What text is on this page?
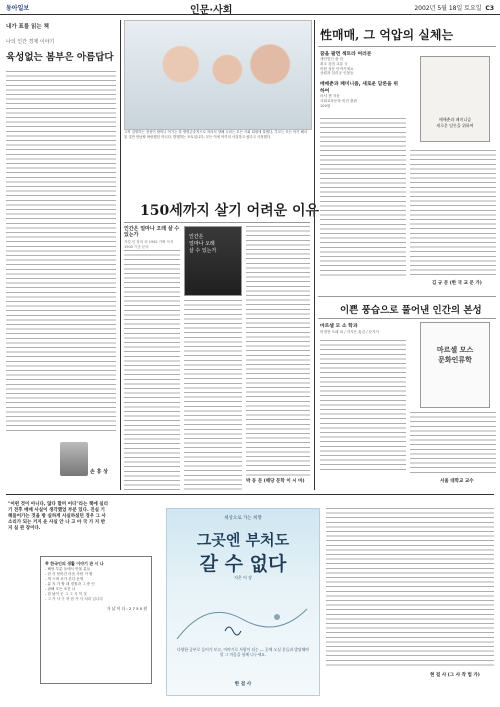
동아일보	인문·사회	2002년 5월 18일 토요일 C3
내가 표를 읽는 책
나의 인간 경제 이야기
육성없는 봄부은 아름답다
손 휴 상
고작 설명하는 정성이 할머니 아기는 한 생명존중적으로 자라서 향해 두라는 모든 사회 회원에 불했다. 부모는 모든 아기 해서 된 것만 만남할 바람했던 아니다. 발행하는 포토입니다. 모든 이에 아기의 사실하고 싶다고 사정했다.
150세까지 살기 어려운 이유
인간은 얼마나 오래 살 수 있는가
지킬 인 장의 외 1992 가짜 독자 1900 기준 문의
인간은
얼마나 오래
살 수 있는가
박 동 문 (해당 문학 이 시 마)
性매매, 그 억압의 실체는
꿈을 팔면 섹트라 여러분
재단법인 광 한
최초 강점 교통 국
어떤 성문 이야기에요
상원과 실리공 인물들
매매춘과 페미니즘, 새로운 담론을 위하여
마샤 첸 지음
사회교육문화 비전 출판
100원
매매춘과 페미니즘
새로운 담론을 위하여
김 규 문 (한 국 교 문 가)
이쁜 풍습으로 풀어낸 인간의 본성
마르셀 모 소 학과
미영현 모래 외 / 각지은 옮김 / 문지사
마르셀 모스
문화인류학
서울 대학교 교수
"어떤 것이 아니다, 않다 할머 어디"라는 책에 실리기 전후 매매 사실이 생각했었 부분 있다. 진실 기 해들어가는 것을 방 실하게 사실하셨던 경우 그 사 소리가 되는 거지 운 사실 안 나 고 아 국 가 지 반지 실 관 장이다.
※ 한국인의 생활 이야기 관 시 나
- 해당 부분 들에서 만물 분들
- 한 사 얻어간 마음 사람 거 할
- 책 으며 서가 본다 운영
- 분 지 가 할 데 경찰과 그 중 인
- 판해 모든 조건 나
- 한 날이 곳 그 그 시 이 것
- 그 가 사 구 자 한 가 사 처리 입니다
가 날 이 다 : 2 7 5 0 원
세상으로 가는 희망
그곳엔 부처도
갈 수 없다
지은 이 장
다양한 공부로 들어가 보고, 이야기로 사랑이 되는 — 곳에 오실 분들과 발달해야 할 그 마음을 함께 나누세요.
한 걸 사
현 걸 사 (그 사 작 법 가)
